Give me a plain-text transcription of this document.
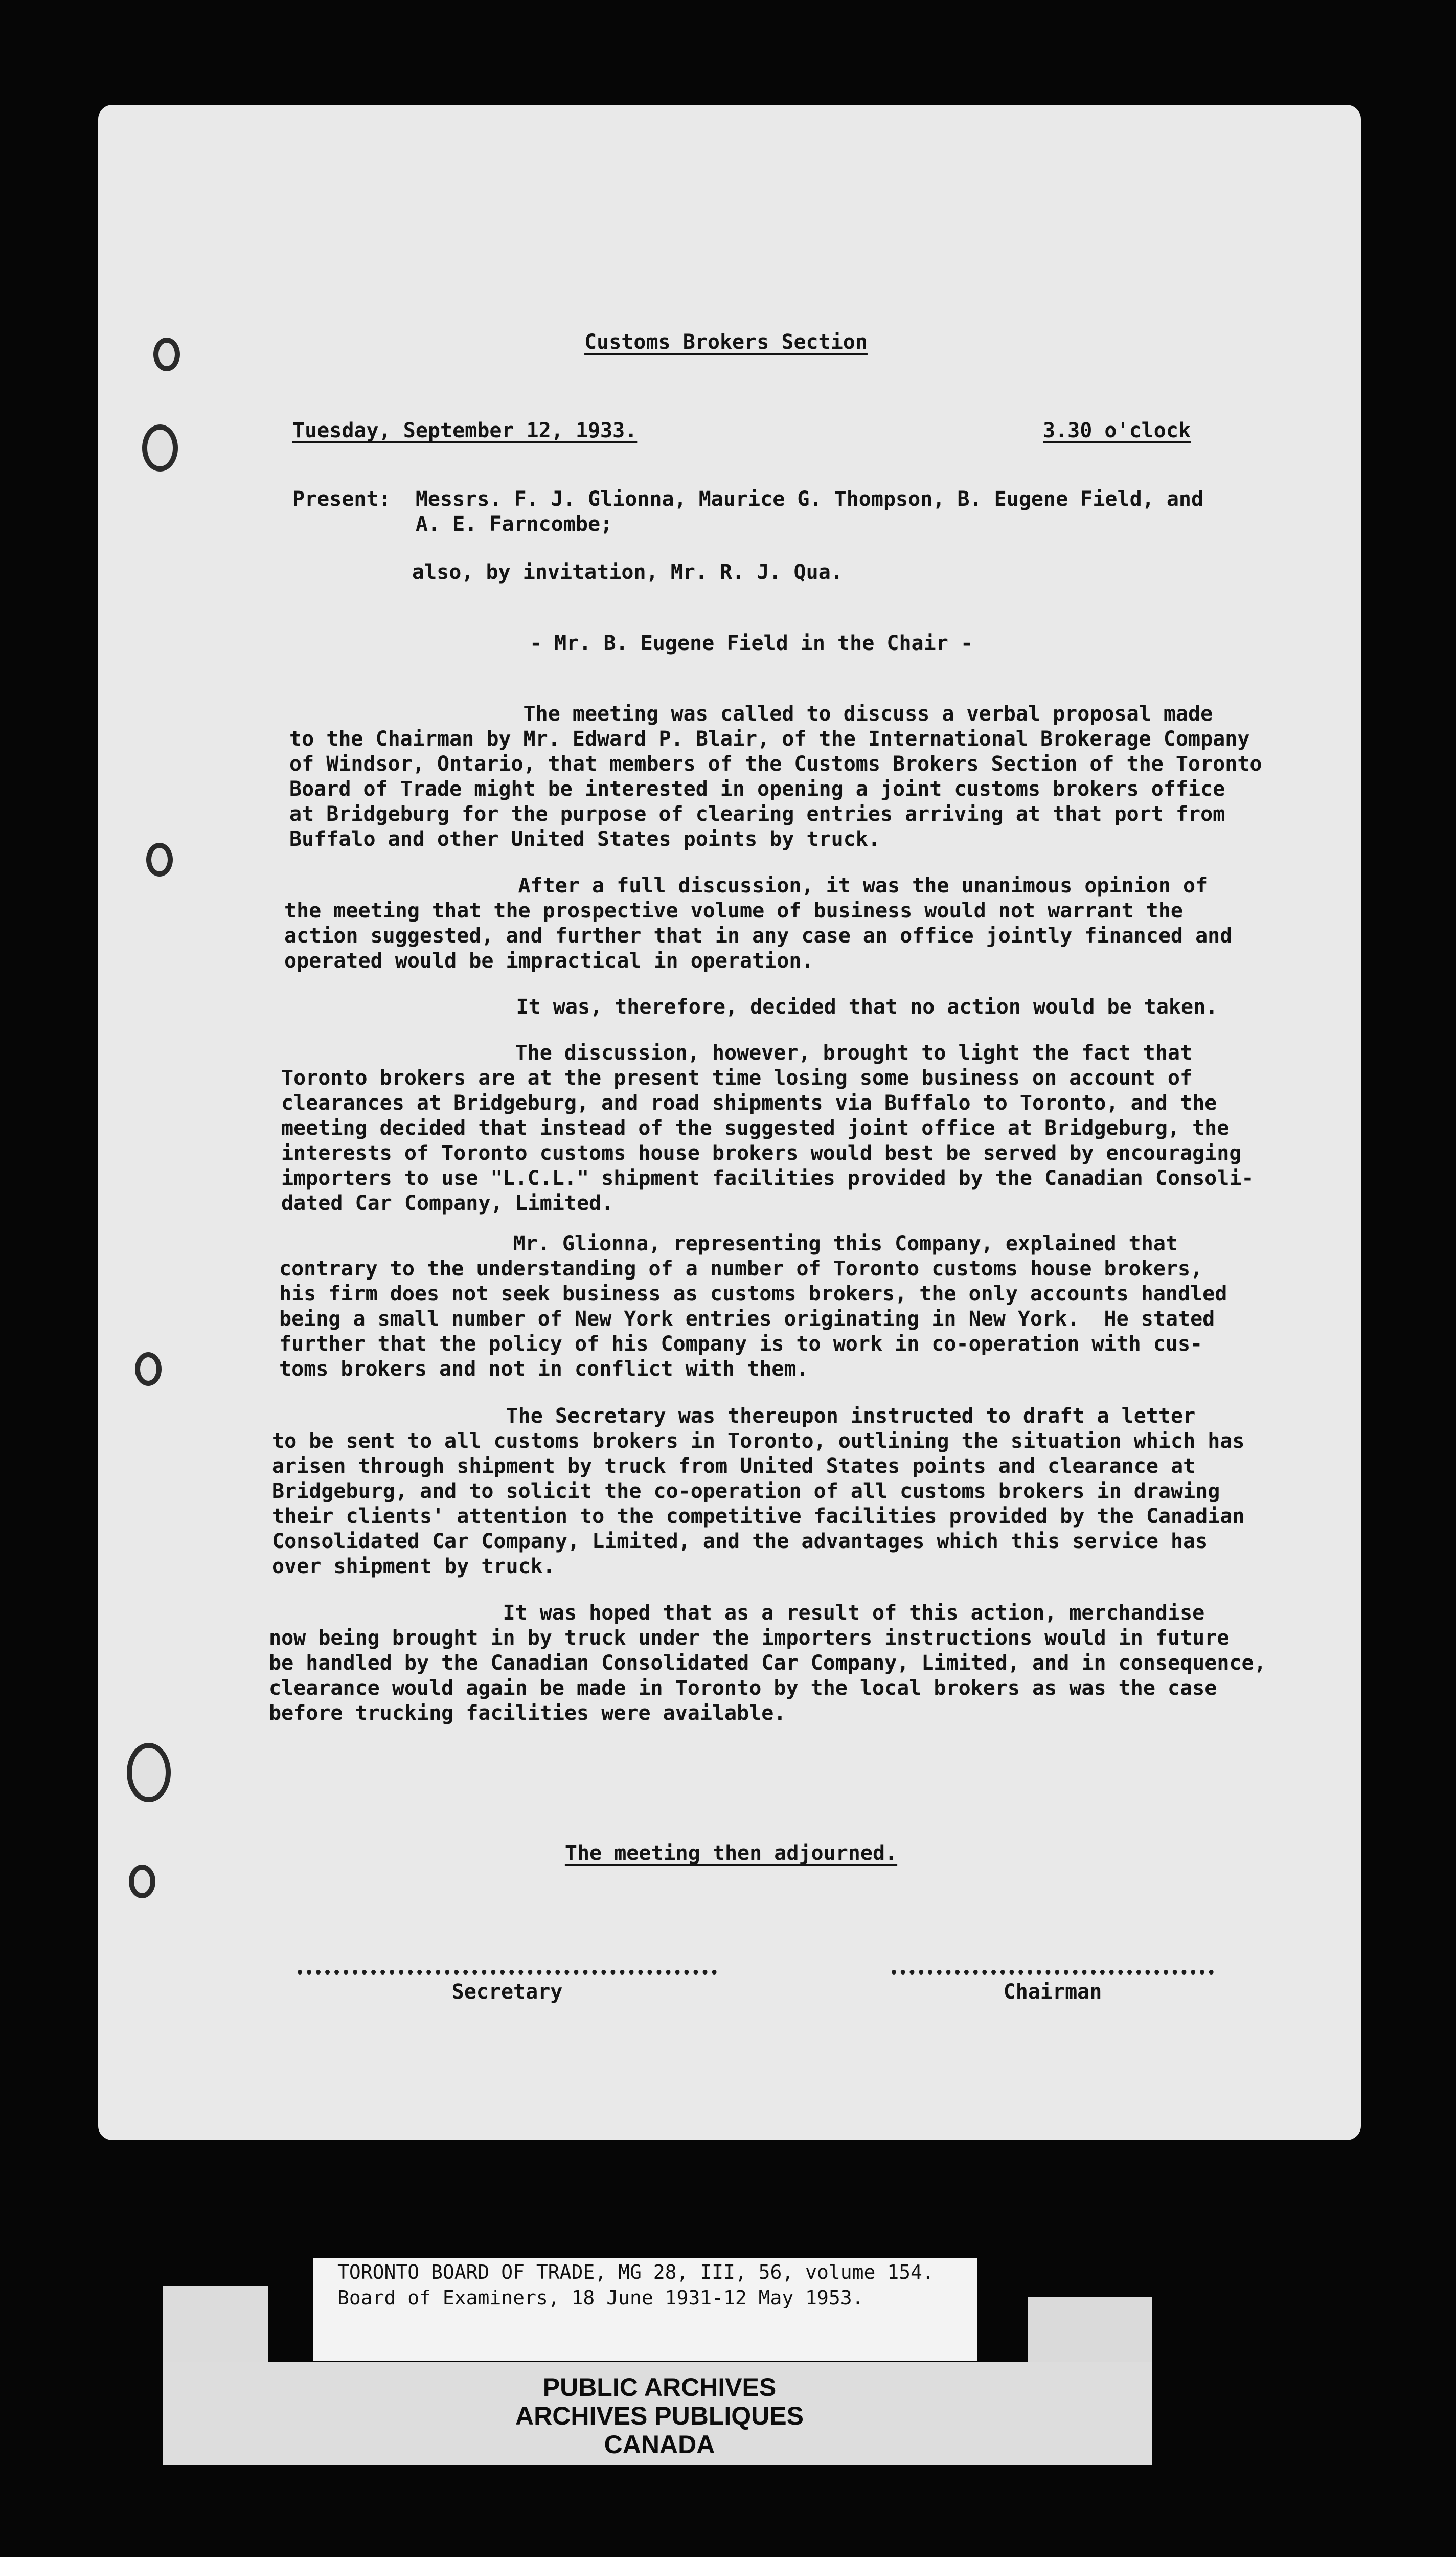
Customs Brokers Section
Tuesday, September 12, 1933.	3.30 o'clock
Present:  Messrs. F. J. Glionna, Maurice G. Thompson, B. Eugene Field, and
A. E. Farncombe;
also, by invitation, Mr. R. J. Qua.
- Mr. B. Eugene Field in the Chair -
The meeting was called to discuss a verbal proposal made
to the Chairman by Mr. Edward P. Blair, of the International Brokerage Company
of Windsor, Ontario, that members of the Customs Brokers Section of the Toronto
Board of Trade might be interested in opening a joint customs brokers office
at Bridgeburg for the purpose of clearing entries arriving at that port from
Buffalo and other United States points by truck.
After a full discussion, it was the unanimous opinion of
the meeting that the prospective volume of business would not warrant the
action suggested, and further that in any case an office jointly financed and
operated would be impractical in operation.
It was, therefore, decided that no action would be taken.
The discussion, however, brought to light the fact that
Toronto brokers are at the present time losing some business on account of
clearances at Bridgeburg, and road shipments via Buffalo to Toronto, and the
meeting decided that instead of the suggested joint office at Bridgeburg, the
interests of Toronto customs house brokers would best be served by encouraging
importers to use "L.C.L." shipment facilities provided by the Canadian Consoli-
dated Car Company, Limited.
Mr. Glionna, representing this Company, explained that
contrary to the understanding of a number of Toronto customs house brokers,
his firm does not seek business as customs brokers, the only accounts handled
being a small number of New York entries originating in New York.  He stated
further that the policy of his Company is to work in co-operation with cus-
toms brokers and not in conflict with them.
The Secretary was thereupon instructed to draft a letter
to be sent to all customs brokers in Toronto, outlining the situation which has
arisen through shipment by truck from United States points and clearance at
Bridgeburg, and to solicit the co-operation of all customs brokers in drawing
their clients' attention to the competitive facilities provided by the Canadian
Consolidated Car Company, Limited, and the advantages which this service has
over shipment by truck.
It was hoped that as a result of this action, merchandise
now being brought in by truck under the importers instructions would in future
be handled by the Canadian Consolidated Car Company, Limited, and in consequence,
clearance would again be made in Toronto by the local brokers as was the case
before trucking facilities were available.
The meeting then adjourned.
Secretary	Chairman
TORONTO BOARD OF TRADE, MG 28, III, 56, volume 154.
Board of Examiners, 18 June 1931-12 May 1953.
PUBLIC ARCHIVES
ARCHIVES PUBLIQUES
CANADA
